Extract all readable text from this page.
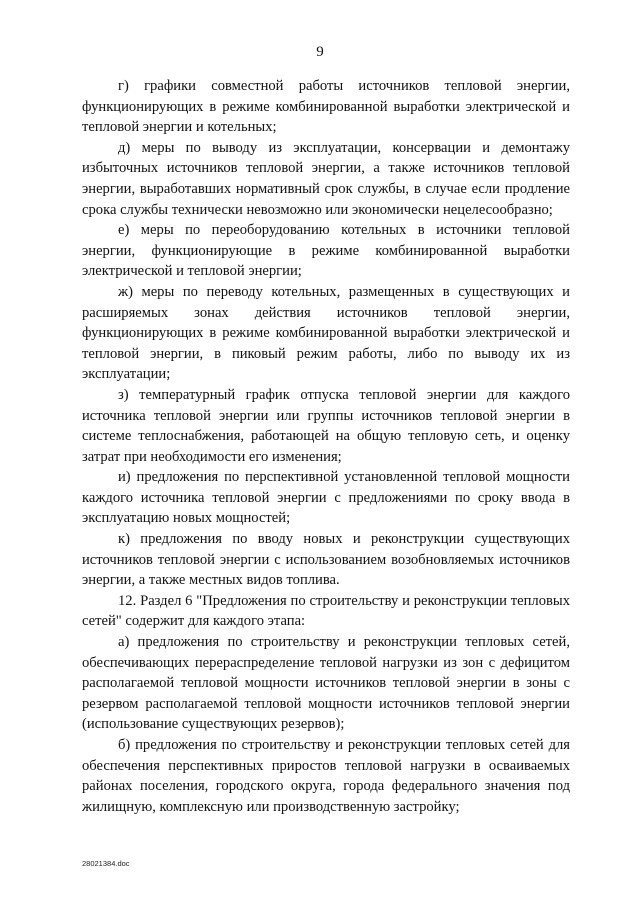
9

г) графики совместной работы источников тепловой энергии, функционирующих в режиме комбинированной выработки электрической и тепловой энергии и котельных;

д) меры по выводу из эксплуатации, консервации и демонтажу избыточных источников тепловой энергии, а также источников тепловой энергии, выработавших нормативный срок службы, в случае если продление срока службы технически невозможно или экономически нецелесообразно;

е) меры по переоборудованию котельных в источники тепловой энергии, функционирующие в режиме комбинированной выработки электрической и тепловой энергии;

ж) меры по переводу котельных, размещенных в существующих и расширяемых зонах действия источников тепловой энергии, функционирующих в режиме комбинированной выработки электрической и тепловой энергии, в пиковый режим работы, либо по выводу их из эксплуатации;

з) температурный график отпуска тепловой энергии для каждого источника тепловой энергии или группы источников тепловой энергии в системе теплоснабжения, работающей на общую тепловую сеть, и оценку затрат при необходимости его изменения;

и) предложения по перспективной установленной тепловой мощности каждого источника тепловой энергии с предложениями по сроку ввода в эксплуатацию новых мощностей;

к) предложения по вводу новых и реконструкции существующих источников тепловой энергии с использованием возобновляемых источников энергии, а также местных видов топлива.

12. Раздел 6 "Предложения по строительству и реконструкции тепловых сетей" содержит для каждого этапа:

а) предложения по строительству и реконструкции тепловых сетей, обеспечивающих перераспределение тепловой нагрузки из зон с дефицитом располагаемой тепловой мощности источников тепловой энергии в зоны с резервом располагаемой тепловой мощности источников тепловой энергии (использование существующих резервов);

б) предложения по строительству и реконструкции тепловых сетей для обеспечения перспективных приростов тепловой нагрузки в осваиваемых районах поселения, городского округа, города федерального значения под жилищную, комплексную или производственную застройку;

28021384.doc
